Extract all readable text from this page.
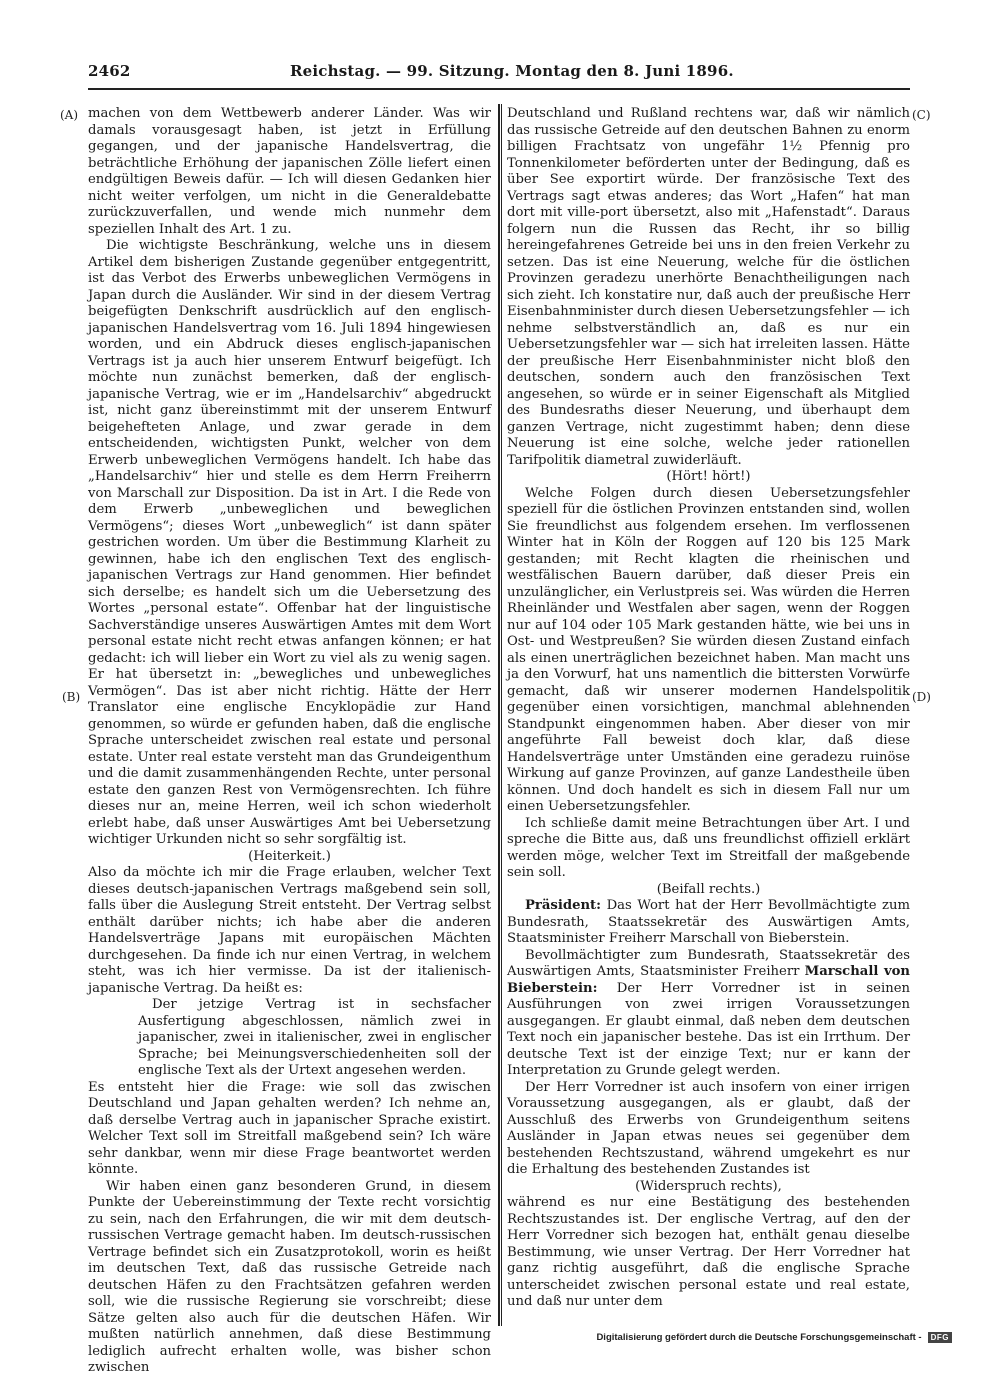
2462	Reichstag. — 99. Sitzung. Montag den 8. Juni 1896.
(A)
(B)
(C)
(D)

machen von dem Wettbewerb anderer Länder. Was wir damals vorausgesagt haben, ist jetzt in Erfüllung gegangen, und der japanische Handelsvertrag, die beträchtliche Erhöhung der japanischen Zölle liefert einen endgültigen Beweis dafür. — Ich will diesen Gedanken hier nicht weiter verfolgen, um nicht in die Generaldebatte zurückzuverfallen, und wende mich nunmehr dem speziellen Inhalt des Art. 1 zu.

Die wichtigste Beschränkung, welche uns in diesem Artikel dem bisherigen Zustande gegenüber entgegentritt, ist das Verbot des Erwerbs unbeweglichen Vermögens in Japan durch die Ausländer. Wir sind in der diesem Vertrag beigefügten Denkschrift ausdrücklich auf den englisch-japanischen Handelsvertrag vom 16. Juli 1894 hingewiesen worden, und ein Abdruck dieses englisch-japanischen Vertrags ist ja auch hier unserem Entwurf beigefügt. Ich möchte nun zunächst bemerken, daß der englisch-japanische Vertrag, wie er im „Handelsarchiv“ abgedruckt ist, nicht ganz übereinstimmt mit der unserem Entwurf beigehefteten Anlage, und zwar gerade in dem entscheidenden, wichtigsten Punkt, welcher von dem Erwerb unbeweglichen Vermögens handelt. Ich habe das „Handelsarchiv“ hier und stelle es dem Herrn Freiherrn von Marschall zur Disposition. Da ist in Art. I die Rede von dem Erwerb „unbeweglichen und beweglichen Vermögens“; dieses Wort „unbeweglich“ ist dann später gestrichen worden. Um über die Bestimmung Klarheit zu gewinnen, habe ich den englischen Text des englisch-japanischen Vertrags zur Hand genommen. Hier befindet sich derselbe; es handelt sich um die Uebersetzung des Wortes „personal estate“. Offenbar hat der linguistische Sachverständige unseres Auswärtigen Amtes mit dem Wort personal estate nicht recht etwas anfangen können; er hat gedacht: ich will lieber ein Wort zu viel als zu wenig sagen. Er hat übersetzt in: „bewegliches und unbewegliches Vermögen“. Das ist aber nicht richtig. Hätte der Herr Translator eine englische Encyklopädie zur Hand genommen, so würde er gefunden haben, daß die englische Sprache unterscheidet zwischen real estate und personal estate. Unter real estate versteht man das Grundeigenthum und die damit zusammenhängenden Rechte, unter personal estate den ganzen Rest von Vermögensrechten. Ich führe dieses nur an, meine Herren, weil ich schon wiederholt erlebt habe, daß unser Auswärtiges Amt bei Uebersetzung wichtiger Urkunden nicht so sehr sorgfältig ist.

(Heiterkeit.)

Also da möchte ich mir die Frage erlauben, welcher Text dieses deutsch-japanischen Vertrags maßgebend sein soll, falls über die Auslegung Streit entsteht. Der Vertrag selbst enthält darüber nichts; ich habe aber die anderen Handelsverträge Japans mit europäischen Mächten durchgesehen. Da finde ich nur einen Vertrag, in welchem steht, was ich hier vermisse. Da ist der italienisch-japanische Vertrag. Da heißt es:

Der jetzige Vertrag ist in sechsfacher Ausfertigung abgeschlossen, nämlich zwei in japanischer, zwei in italienischer, zwei in englischer Sprache; bei Meinungsverschiedenheiten soll der englische Text als der Urtext angesehen werden.

Es entsteht hier die Frage: wie soll das zwischen Deutschland und Japan gehalten werden? Ich nehme an, daß derselbe Vertrag auch in japanischer Sprache existirt. Welcher Text soll im Streitfall maßgebend sein? Ich wäre sehr dankbar, wenn mir diese Frage beantwortet werden könnte.

Wir haben einen ganz besonderen Grund, in diesem Punkte der Uebereinstimmung der Texte recht vorsichtig zu sein, nach den Erfahrungen, die wir mit dem deutsch-russischen Vertrage gemacht haben. Im deutsch-russischen Vertrage befindet sich ein Zusatzprotokoll, worin es heißt im deutschen Text, daß das russische Getreide nach deutschen Häfen zu den Frachtsätzen gefahren werden soll, wie die russische Regierung sie vorschreibt; diese Sätze gelten also auch für die deutschen Häfen. Wir mußten natürlich annehmen, daß diese Bestimmung lediglich aufrecht erhalten wolle, was bisher schon zwischen

Deutschland und Rußland rechtens war, daß wir nämlich das russische Getreide auf den deutschen Bahnen zu enorm billigen Frachtsatz von ungefähr 1½ Pfennig pro Tonnenkilometer beförderten unter der Bedingung, daß es über See exportirt würde. Der französische Text des Vertrags sagt etwas anderes; das Wort „Hafen“ hat man dort mit ville-port übersetzt, also mit „Hafenstadt“. Daraus folgern nun die Russen das Recht, ihr so billig hereingefahrenes Getreide bei uns in den freien Verkehr zu setzen. Das ist eine Neuerung, welche für die östlichen Provinzen geradezu unerhörte Benachtheiligungen nach sich zieht. Ich konstatire nur, daß auch der preußische Herr Eisenbahnminister durch diesen Uebersetzungsfehler — ich nehme selbstverständlich an, daß es nur ein Uebersetzungsfehler war — sich hat irreleiten lassen. Hätte der preußische Herr Eisenbahnminister nicht bloß den deutschen, sondern auch den französischen Text angesehen, so würde er in seiner Eigenschaft als Mitglied des Bundesraths dieser Neuerung, und überhaupt dem ganzen Vertrage, nicht zugestimmt haben; denn diese Neuerung ist eine solche, welche jeder rationellen Tarifpolitik diametral zuwiderläuft.

(Hört! hört!)

Welche Folgen durch diesen Uebersetzungsfehler speziell für die östlichen Provinzen entstanden sind, wollen Sie freundlichst aus folgendem ersehen. Im verflossenen Winter hat in Köln der Roggen auf 120 bis 125 Mark gestanden; mit Recht klagten die rheinischen und westfälischen Bauern darüber, daß dieser Preis ein unzulänglicher, ein Verlustpreis sei. Was würden die Herren Rheinländer und Westfalen aber sagen, wenn der Roggen nur auf 104 oder 105 Mark gestanden hätte, wie bei uns in Ost- und Westpreußen? Sie würden diesen Zustand einfach als einen unerträglichen bezeichnet haben. Man macht uns ja den Vorwurf, hat uns namentlich die bittersten Vorwürfe gemacht, daß wir unserer modernen Handelspolitik gegenüber einen vorsichtigen, manchmal ablehnenden Standpunkt eingenommen haben. Aber dieser von mir angeführte Fall beweist doch klar, daß diese Handelsverträge unter Umständen eine geradezu ruinöse Wirkung auf ganze Provinzen, auf ganze Landestheile üben können. Und doch handelt es sich in diesem Fall nur um einen Uebersetzungsfehler.

Ich schließe damit meine Betrachtungen über Art. I und spreche die Bitte aus, daß uns freundlichst offiziell erklärt werden möge, welcher Text im Streitfall der maßgebende sein soll.

(Beifall rechts.)

Präsident: Das Wort hat der Herr Bevollmächtigte zum Bundesrath, Staatssekretär des Auswärtigen Amts, Staatsminister Freiherr Marschall von Bieberstein.

Bevollmächtigter zum Bundesrath, Staatssekretär des Auswärtigen Amts, Staatsminister Freiherr Marschall von Bieberstein: Der Herr Vorredner ist in seinen Ausführungen von zwei irrigen Voraussetzungen ausgegangen. Er glaubt einmal, daß neben dem deutschen Text noch ein japanischer bestehe. Das ist ein Irrthum. Der deutsche Text ist der einzige Text; nur er kann der Interpretation zu Grunde gelegt werden.

Der Herr Vorredner ist auch insofern von einer irrigen Voraussetzung ausgegangen, als er glaubt, daß der Ausschluß des Erwerbs von Grundeigenthum seitens Ausländer in Japan etwas neues sei gegenüber dem bestehenden Rechtszustand, während umgekehrt es nur die Erhaltung des bestehenden Zustandes ist

(Widerspruch rechts),

während es nur eine Bestätigung des bestehenden Rechtszustandes ist. Der englische Vertrag, auf den der Herr Vorredner sich bezogen hat, enthält genau dieselbe Bestimmung, wie unser Vertrag. Der Herr Vorredner hat ganz richtig ausgeführt, daß die englische Sprache unterscheidet zwischen personal estate und real estate, und daß nur unter dem

Digitalisierung gefördert durch die Deutsche Forschungsgemeinschaft -	DFG
